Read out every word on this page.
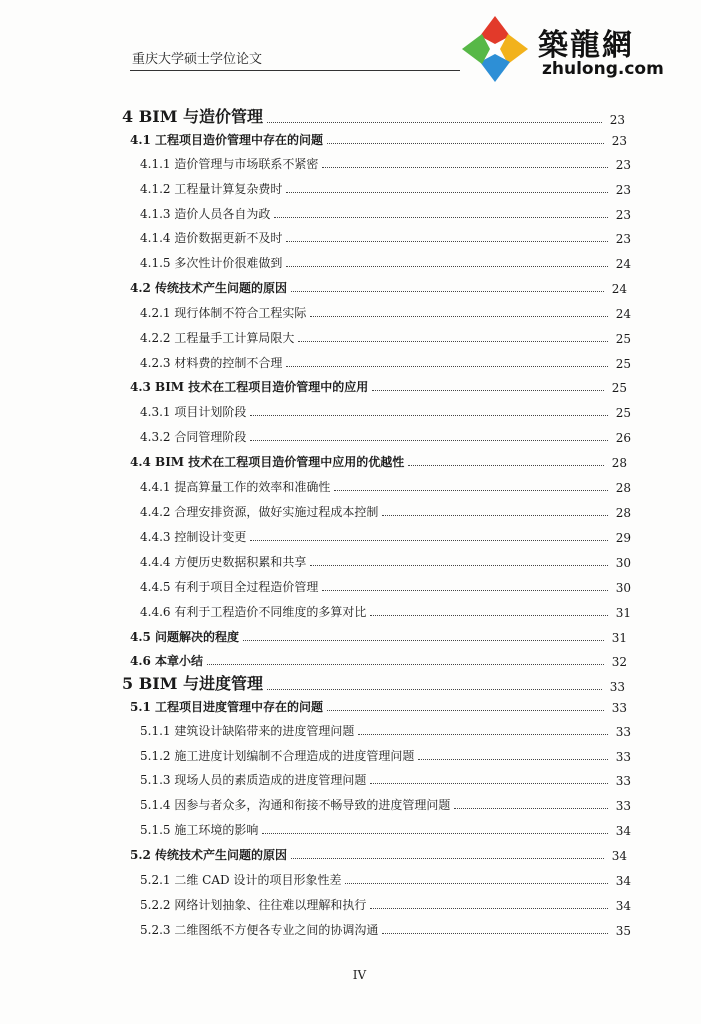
重庆大学硕士学位论文	築龍網
zhulong.com
4 BIM 与造价管理	23
4.1 工程项目造价管理中存在的问题	23
4.1.1 造价管理与市场联系不紧密	23
4.1.2 工程量计算复杂费时	23
4.1.3 造价人员各自为政	23
4.1.4 造价数据更新不及时	23
4.1.5 多次性计价很难做到	24
4.2 传统技术产生问题的原因	24
4.2.1 现行体制不符合工程实际	24
4.2.2 工程量手工计算局限大	25
4.2.3 材料费的控制不合理	25
4.3 BIM 技术在工程项目造价管理中的应用	25
4.3.1 项目计划阶段	25
4.3.2 合同管理阶段	26
4.4 BIM 技术在工程项目造价管理中应用的优越性	28
4.4.1 提高算量工作的效率和准确性	28
4.4.2 合理安排资源，做好实施过程成本控制	28
4.4.3 控制设计变更	29
4.4.4 方便历史数据积累和共享	30
4.4.5 有利于项目全过程造价管理	30
4.4.6 有利于工程造价不同维度的多算对比	31
4.5 问题解决的程度	31
4.6 本章小结	32
5 BIM 与进度管理	33
5.1 工程项目进度管理中存在的问题	33
5.1.1 建筑设计缺陷带来的进度管理问题	33
5.1.2 施工进度计划编制不合理造成的进度管理问题	33
5.1.3 现场人员的素质造成的进度管理问题	33
5.1.4 因参与者众多，沟通和衔接不畅导致的进度管理问题	33
5.1.5 施工环境的影响	34
5.2 传统技术产生问题的原因	34
5.2.1 二维 CAD 设计的项目形象性差	34
5.2.2 网络计划抽象、往往难以理解和执行	34
5.2.3 二维图纸不方便各专业之间的协调沟通	35
IV
